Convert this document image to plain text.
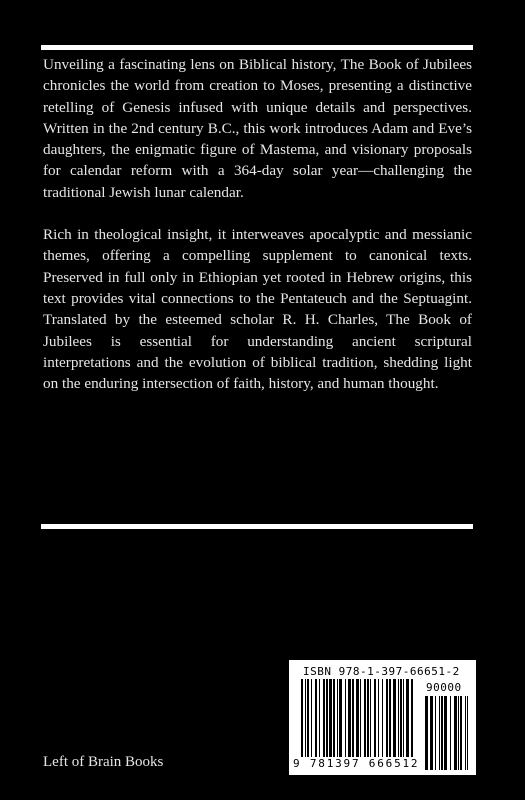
Unveiling a fascinating lens on Biblical history, The Book of Jubilees chronicles the world from creation to Moses, presenting a distinctive retelling of Genesis infused with unique details and perspectives. Written in the 2nd century B.C., this work introduces Adam and Eve’s daughters, the enigmatic figure of Mastema, and visionary proposals for calendar reform with a 364-day solar year—challenging the traditional Jewish lunar calendar.

Rich in theological insight, it interweaves apocalyptic and messianic themes, offering a compelling supplement to canonical texts. Preserved in full only in Ethiopian yet rooted in Hebrew origins, this text provides vital connections to the Pentateuch and the Septuagint. Translated by the esteemed scholar R. H. Charles, The Book of Jubilees is essential for understanding ancient scriptural interpretations and the evolution of biblical tradition, shedding light on the enduring intersection of faith, history, and human thought.

Left of Brain Books
ISBN 978-1-397-66651-2
90000
9 781397 666512
